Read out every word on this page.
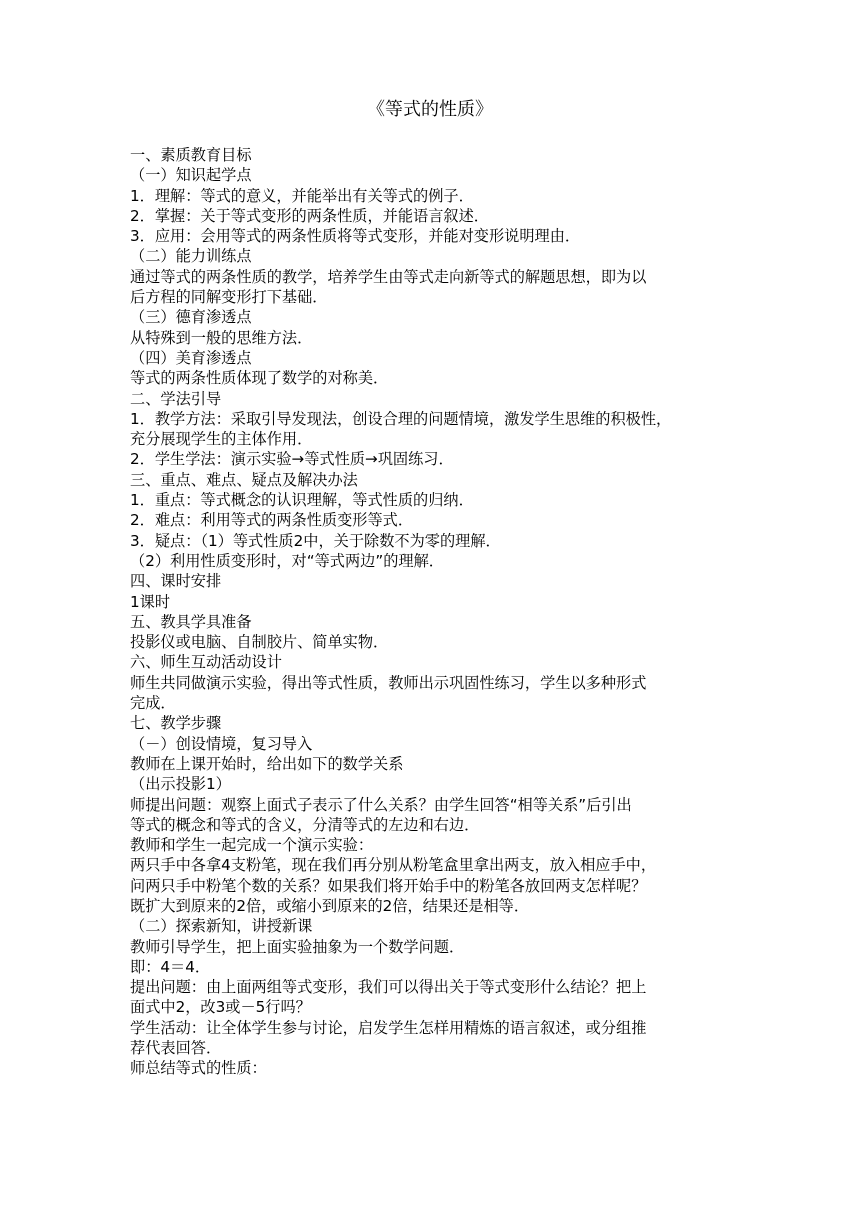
《等式的性质》
一、素质教育目标
（一）知识起学点
1．理解：等式的意义，并能举出有关等式的例子．
2．掌握：关于等式变形的两条性质，并能语言叙述．
3．应用：会用等式的两条性质将等式变形，并能对变形说明理由．
（二）能力训练点
通过等式的两条性质的教学，培养学生由等式走向新等式的解题思想，即为以
后方程的同解变形打下基础．
（三）德育渗透点
从特殊到一般的思维方法．
（四）美育渗透点
等式的两条性质体现了数学的对称美．
二、学法引导
1．教学方法：采取引导发现法，创设合理的问题情境，激发学生思维的积极性，
充分展现学生的主体作用．
2．学生学法：演示实验→等式性质→巩固练习．
三、重点、难点、疑点及解决办法
1．重点：等式概念的认识理解，等式性质的归纳．
2．难点：利用等式的两条性质变形等式．
3．疑点：（1）等式性质2中，关于除数不为零的理解．
（2）利用性质变形时，对“等式两边”的理解．
四、课时安排
1课时
五、教具学具准备
投影仪或电脑、自制胶片、简单实物．
六、师生互动活动设计
师生共同做演示实验，得出等式性质，教师出示巩固性练习，学生以多种形式
完成．
七、教学步骤
（－）创设情境，复习导入
教师在上课开始时，给出如下的数学关系
（出示投影1）
师提出问题：观察上面式子表示了什么关系？由学生回答“相等关系”后引出
等式的概念和等式的含义，分清等式的左边和右边．
教师和学生一起完成一个演示实验：
两只手中各拿4支粉笔，现在我们再分别从粉笔盒里拿出两支，放入相应手中，
问两只手中粉笔个数的关系？如果我们将开始手中的粉笔各放回两支怎样呢？
既扩大到原来的2倍，或缩小到原来的2倍，结果还是相等．
（二）探索新知，讲授新课
教师引导学生，把上面实验抽象为一个数学问题．
即：4＝4．
提出问题：由上面两组等式变形，我们可以得出关于等式变形什么结论？把上
面式中2，改3或－5行吗？
学生活动：让全体学生参与讨论，启发学生怎样用精炼的语言叙述，或分组推
荐代表回答．
师总结等式的性质：
